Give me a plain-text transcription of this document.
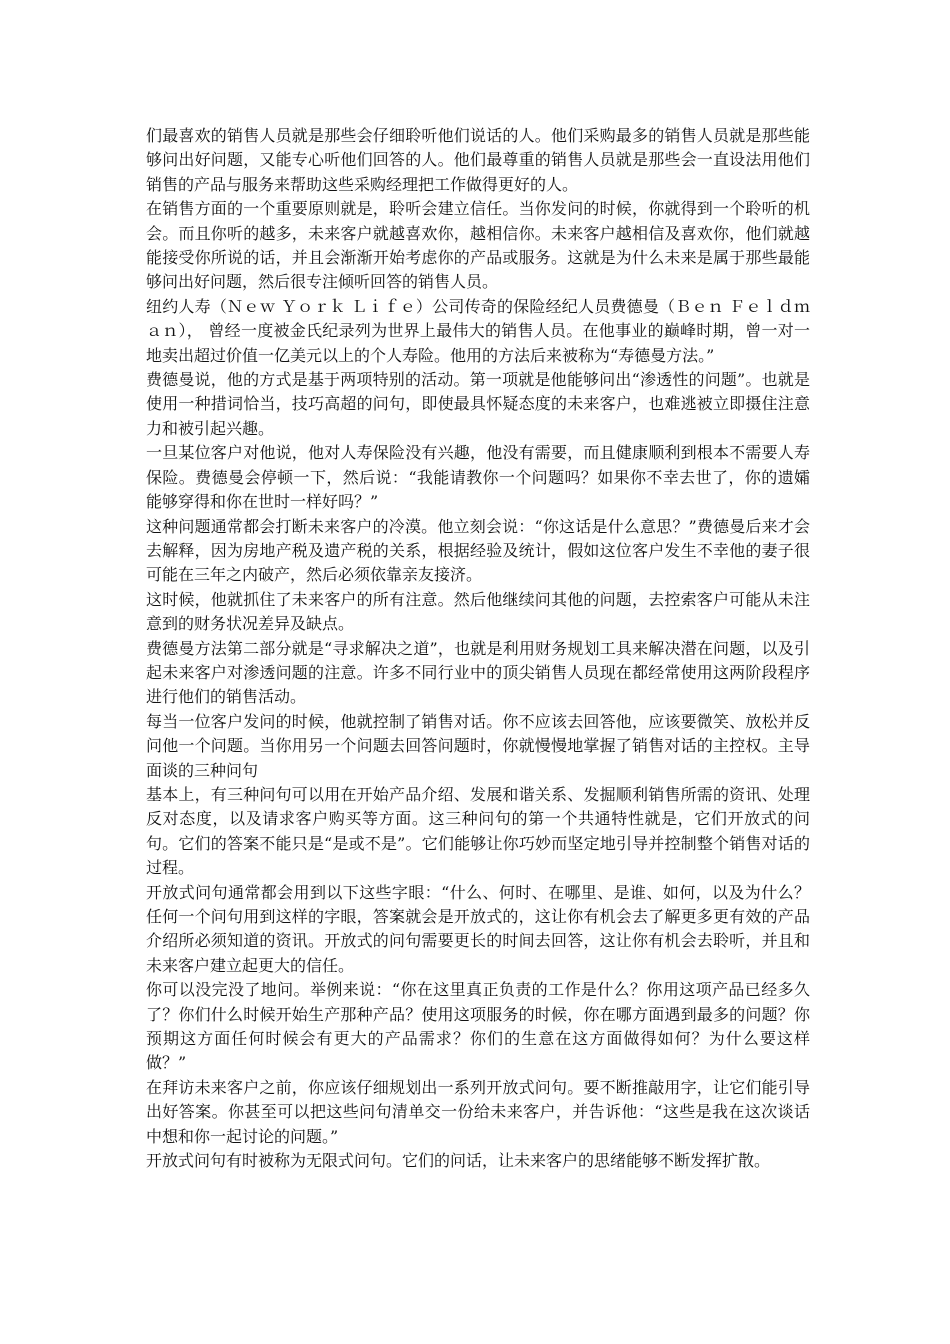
们最喜欢的销售人员就是那些会仔细聆听他们说话的人。他们采购最多的销售人员就是那些能够问出好问题，又能专心听他们回答的人。他们最尊重的销售人员就是那些会一直设法用他们销售的产品与服务来帮助这些采购经理把工作做得更好的人。

在销售方面的一个重要原则就是，聆听会建立信任。当你发问的时候，你就得到一个聆听的机会。而且你听的越多，未来客户就越喜欢你，越相信你。未来客户越相信及喜欢你，他们就越能接受你所说的话，并且会渐渐开始考虑你的产品或服务。这就是为什么未来是属于那些最能够问出好问题，然后很专注倾听回答的销售人员。

纽约人寿（Ｎｅｗ Ｙｏｒｋ Ｌｉｆｅ）公司传奇的保险经纪人员费德曼（Ｂｅｎ Ｆｅｌｄｍａｎ）， 曾经一度被金氏纪录列为世界上最伟大的销售人员。在他事业的巅峰时期，曾一对一地卖出超过价值一亿美元以上的个人寿险。他用的方法后来被称为“寿德曼方法。”

费德曼说，他的方式是基于两项特别的活动。第一项就是他能够问出“渗透性的问题”。也就是使用一种措词恰当，技巧高超的问句，即使最具怀疑态度的未来客户，也难逃被立即摄住注意力和被引起兴趣。

一旦某位客户对他说，他对人寿保险没有兴趣，他没有需要，而且健康顺利到根本不需要人寿保险。费德曼会停顿一下，然后说：“我能请教你一个问题吗？如果你不幸去世了，你的遗孀能够穿得和你在世时一样好吗？”

这种问题通常都会打断未来客户的冷漠。他立刻会说：“你这话是什么意思？”费德曼后来才会去解释，因为房地产税及遗产税的关系，根据经验及统计，假如这位客户发生不幸他的妻子很可能在三年之内破产，然后必须依靠亲友接济。

这时候，他就抓住了未来客户的所有注意。然后他继续问其他的问题，去控索客户可能从未注意到的财务状况差异及缺点。

费德曼方法第二部分就是“寻求解决之道”，也就是利用财务规划工具来解决潜在问题，以及引起未来客户对渗透问题的注意。许多不同行业中的顶尖销售人员现在都经常使用这两阶段程序进行他们的销售活动。

每当一位客户发问的时候，他就控制了销售对话。你不应该去回答他，应该要微笑、放松并反问他一个问题。当你用另一个问题去回答问题时，你就慢慢地掌握了销售对话的主控权。主导面谈的三种问句

基本上，有三种问句可以用在开始产品介绍、发展和谐关系、发掘顺利销售所需的资讯、处理反对态度，以及请求客户购买等方面。这三种问句的第一个共通特性就是，它们开放式的问句。它们的答案不能只是“是或不是”。它们能够让你巧妙而坚定地引导并控制整个销售对话的过程。

开放式问句通常都会用到以下这些字眼：“什么、何时、在哪里、是谁、如何，以及为什么？任何一个问句用到这样的字眼，答案就会是开放式的，这让你有机会去了解更多更有效的产品介绍所必须知道的资讯。开放式的问句需要更长的时间去回答，这让你有机会去聆听，并且和未来客户建立起更大的信任。

你可以没完没了地问。举例来说：“你在这里真正负责的工作是什么？你用这项产品已经多久了？你们什么时候开始生产那种产品？使用这项服务的时候，你在哪方面遇到最多的问题？你预期这方面任何时候会有更大的产品需求？你们的生意在这方面做得如何？为什么要这样做？”

在拜访未来客户之前，你应该仔细规划出一系列开放式问句。要不断推敲用字，让它们能引导出好答案。你甚至可以把这些问句清单交一份给未来客户，并告诉他：“这些是我在这次谈话中想和你一起讨论的问题。”

开放式问句有时被称为无限式问句。它们的问话，让未来客户的思绪能够不断发挥扩散。
